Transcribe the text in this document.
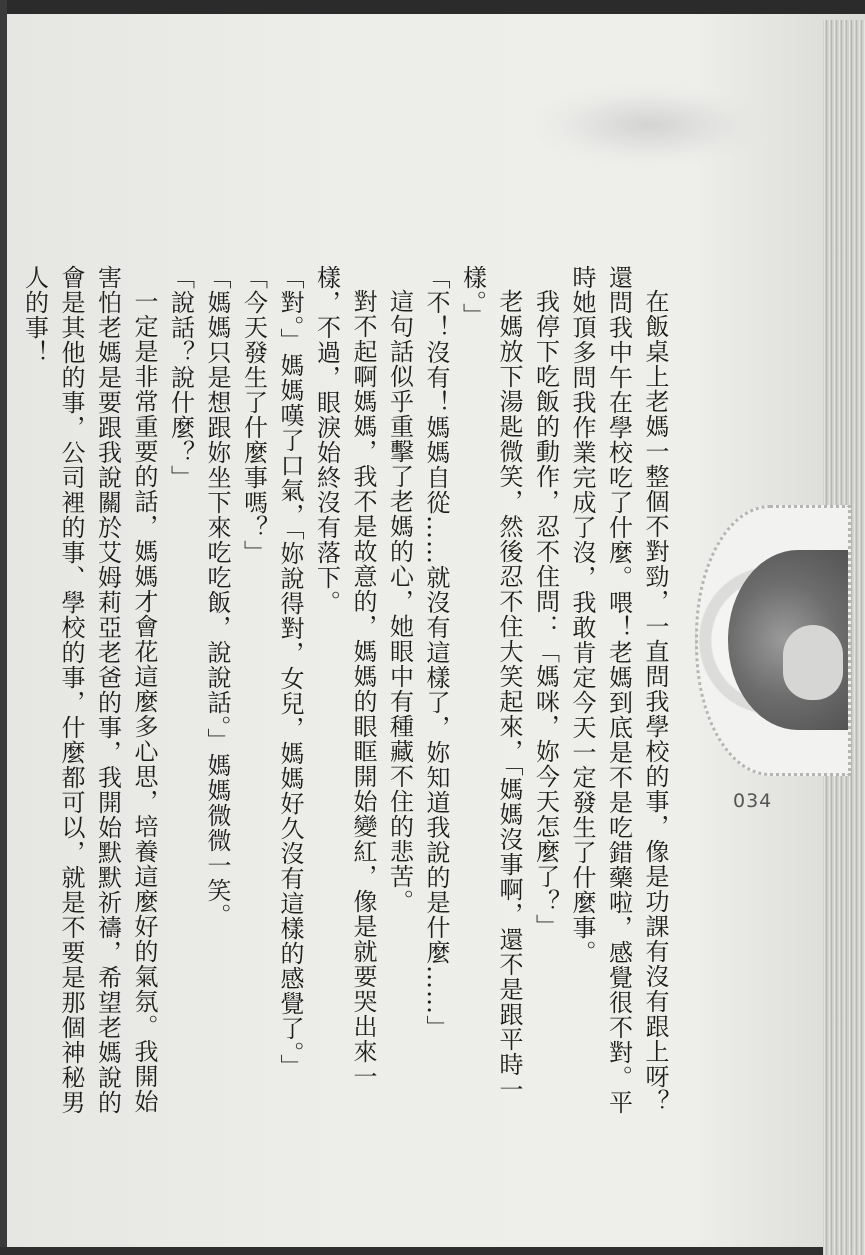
034

在飯桌上老媽一整個不對勁，一直問我學校的事，像是功課有沒有跟上呀？還問我中午在學校吃了什麼。喂！老媽到底是不是吃錯藥啦，感覺很不對。平時她頂多問我作業完成了沒，我敢肯定今天一定發生了什麼事。

我停下吃飯的動作，忍不住問：「媽咪，妳今天怎麼了？」

老媽放下湯匙微笑，然後忍不住大笑起來，「媽媽沒事啊，還不是跟平時一樣。」

「不！沒有！媽媽自從……就沒有這樣了，妳知道我說的是什麼……」

這句話似乎重擊了老媽的心，她眼中有種藏不住的悲苦。

對不起啊媽媽，我不是故意的，媽媽的眼眶開始變紅，像是就要哭出來一樣，不過，眼淚始終沒有落下。

「對。」媽媽嘆了口氣，「妳說得對，女兒，媽媽好久沒有這樣的感覺了。」

「今天發生了什麼事嗎？」

「媽媽只是想跟妳坐下來吃吃飯，說說話。」媽媽微微一笑。

「說話？說什麼？」

一定是非常重要的話，媽媽才會花這麼多心思，培養這麼好的氣氛。我開始害怕老媽是要跟我說關於艾姆莉亞老爸的事，我開始默默祈禱，希望老媽說的會是其他的事，公司裡的事、學校的事，什麼都可以，就是不要是那個神秘男人的事！
